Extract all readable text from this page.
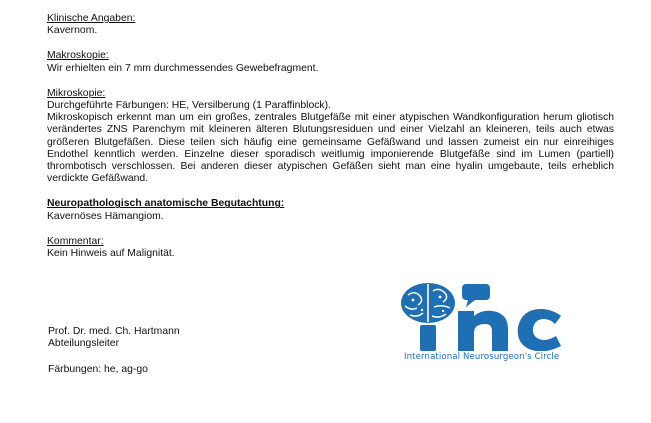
Klinische Angaben:
Kavernom.
Makroskopie:
Wir erhielten ein 7 mm durchmessendes Gewebefragment.
Mikroskopie:
Durchgeführte Färbungen: HE, Versilberung (1 Paraffinblock).
Mikroskopisch erkennt man um ein großes, zentrales Blutgefäße mit einer atypischen Wandkonfiguration herum gliotisch verändertes ZNS Parenchym mit kleineren älteren Blutungsresiduen und einer Vielzahl an kleineren, teils auch etwas größeren Blutgefäßen. Diese teilen sich häufig eine gemeinsame Gefäßwand und lassen zumeist ein nur einreihiges Endothel kenntlich werden. Einzelne dieser sporadisch weitlumig imponierende Blutgefäße sind im Lumen (partiell) thrombotisch verschlossen. Bei anderen dieser atypischen Gefäßen sieht man eine hyalin umgebaute, teils erheblich verdickte Gefäßwand.
Neuropathologisch anatomische Begutachtung:
Kavernöses Hämangiom.
Kommentar:
Kein Hinweis auf Malignität.
Prof. Dr. med. Ch. Hartmann
Abteilungsleiter
Färbungen: he, ag-go
International Neurosurgeon's Circle
